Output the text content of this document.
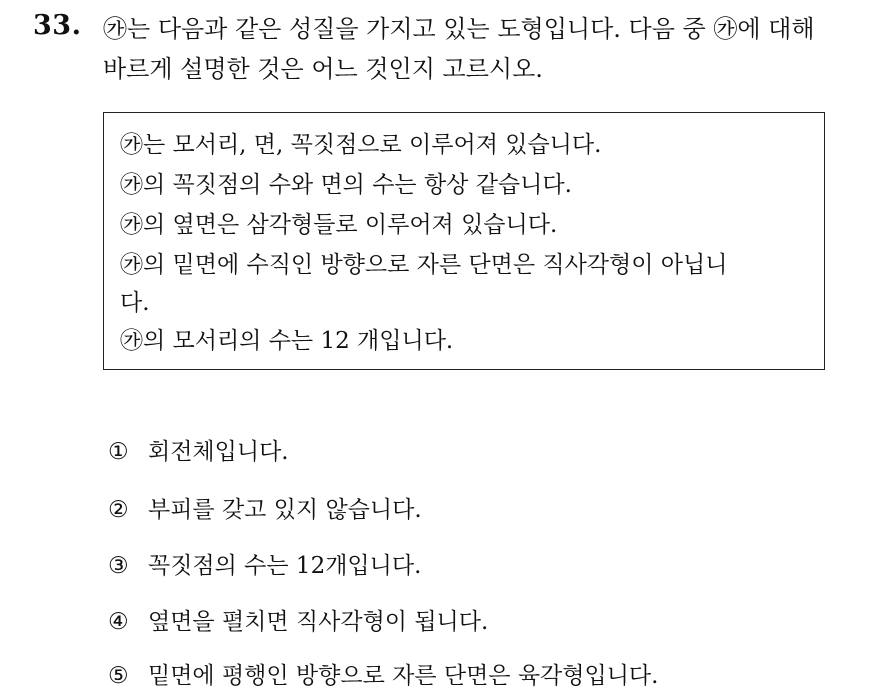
33. ㉮는 다음과 같은 성질을 가지고 있는 도형입니다. 다음 중 ㉮에 대해
바르게 설명한 것은 어느 것인지 고르시오.
㉮는 모서리, 면, 꼭짓점으로 이루어져 있습니다.
㉮의 꼭짓점의 수와 면의 수는 항상 같습니다.
㉮의 옆면은 삼각형들로 이루어져 있습니다.
㉮의 밑면에 수직인 방향으로 자른 단면은 직사각형이 아닙니
다.
㉮의 모서리의 수는 12 개입니다.
① 회전체입니다.
② 부피를 갖고 있지 않습니다.
③ 꼭짓점의 수는 12개입니다.
④ 옆면을 펼치면 직사각형이 됩니다.
⑤ 밑면에 평행인 방향으로 자른 단면은 육각형입니다.
